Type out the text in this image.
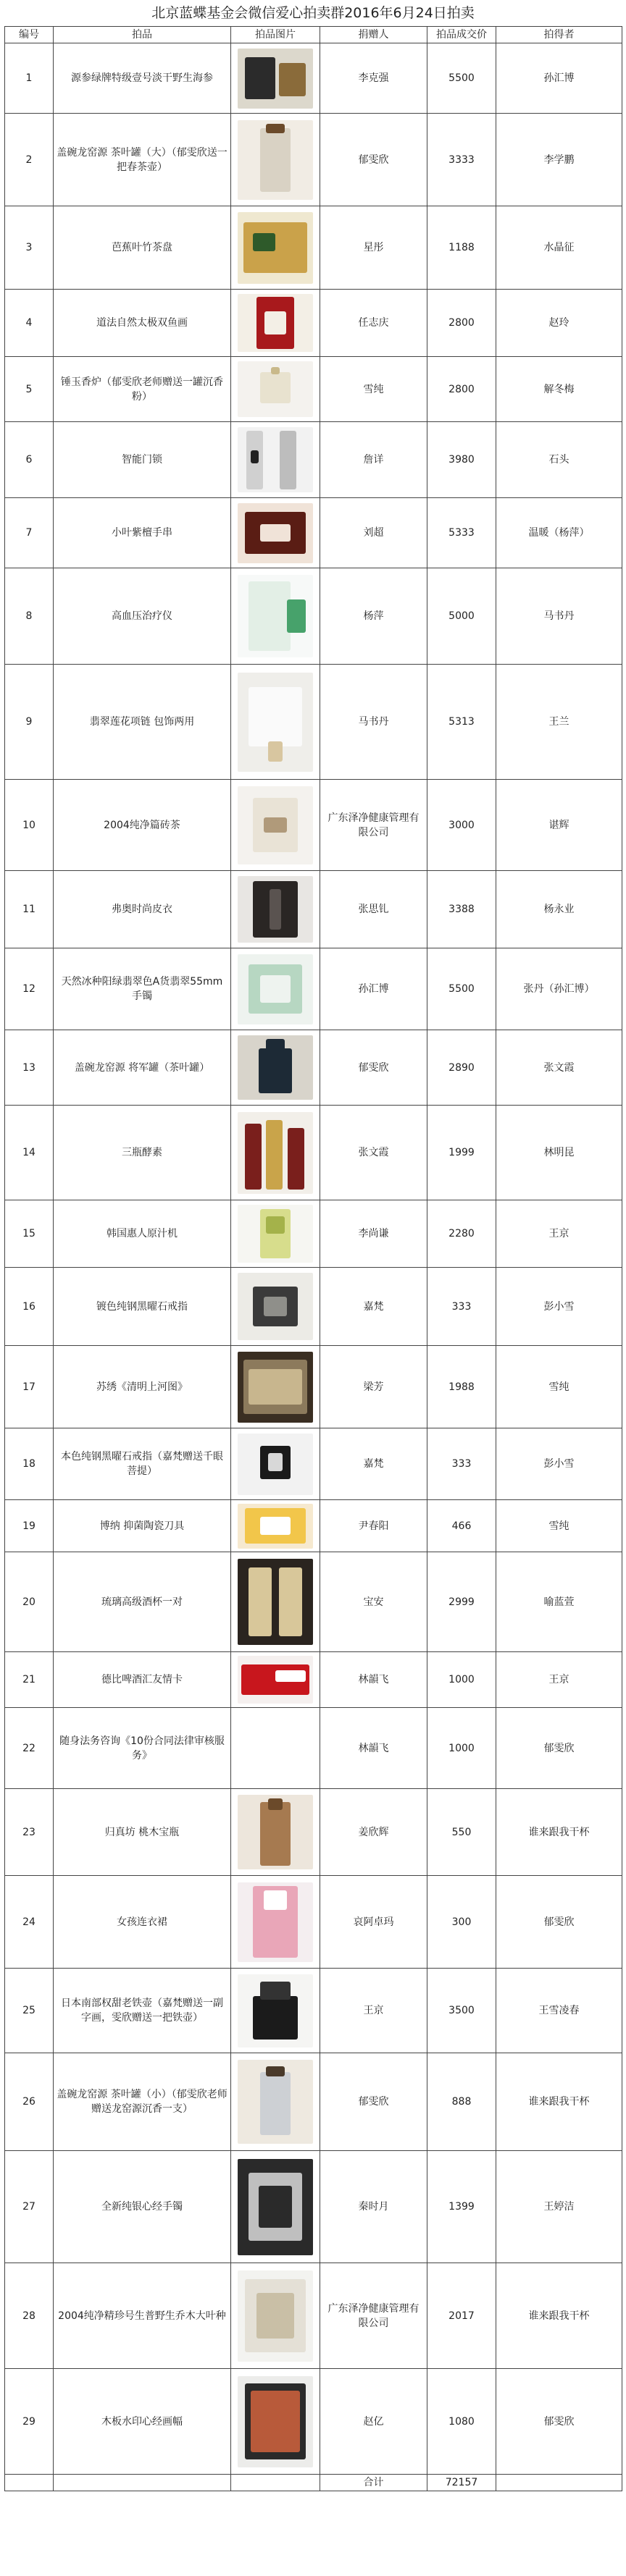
北京蓝蝶基金会微信爱心拍卖群2016年6月24日拍卖
编号	拍品	拍品图片	捐赠人	拍品成交价	拍得者
1	源参绿牌特级壹号淡干野生海参		李克强	5500	孙汇博
2	盖碗龙窑源 茶叶罐（大）（郁雯欣送一把春茶壶）		郁雯欣	3333	李学鹏
3	芭蕉叶竹茶盘		星彤	1188	水晶征
4	道法自然太极双鱼画		任志庆	2800	赵玲
5	锤玉香炉（郁雯欣老师赠送一罐沉香粉）		雪纯	2800	解冬梅
6	智能门锁		詹详	3980	石头
7	小叶紫檀手串		刘超	5333	温暖（杨萍）
8	高血压治疗仪		杨萍	5000	马书丹
9	翡翠莲花项链 包饰两用		马书丹	5313	王兰
10	2004纯净篇砖茶		广东泽净健康管理有限公司	3000	谌辉
11	弗奥时尚皮衣		张思钆	3388	杨永业
12	天然冰种阳绿翡翠色A货翡翠55mm手镯		孙汇博	5500	张丹（孙汇博）
13	盖碗龙窑源 将军罐（茶叶罐）		郁雯欣	2890	张文霞
14	三瓶酵素		张文霞	1999	林明昆
15	韩国惠人原汁机		李尚谦	2280	王京
16	镀色纯钢黑曜石戒指		嘉梵	333	彭小雪
17	苏绣《清明上河图》		梁芳	1988	雪纯
18	本色纯钢黑曜石戒指（嘉梵赠送千眼菩提）		嘉梵	333	彭小雪
19	博纳 抑菌陶瓷刀具		尹春阳	466	雪纯
20	琉璃高级酒杯一对		宝安	2999	喻蓝萱
21	德比啤酒汇友情卡		林韻飞	1000	王京
22	随身法务咨询《10份合同法律审核服务》		林韻飞	1000	郁雯欣
23	归真坊 桃木宝瓶		姜欣辉	550	谁来跟我干杯
24	女孩连衣裙		哀阿卓玛	300	郁雯欣
25	日本南部权甜老铁壶（嘉梵赠送一副字画，雯欣赠送一把铁壶）		王京	3500	王雪凌春
26	盖碗龙窑源 茶叶罐（小）（郁雯欣老师赠送龙窑源沉香一支）		郁雯欣	888	谁来跟我干杯
27	全新纯银心经手镯		秦时月	1399	王婷洁
28	2004纯净精珍号生普野生乔木大叶种		广东泽净健康管理有限公司	2017	谁来跟我干杯
29	木板水印心经画幅		赵亿	1080	郁雯欣
			合计	72157	
